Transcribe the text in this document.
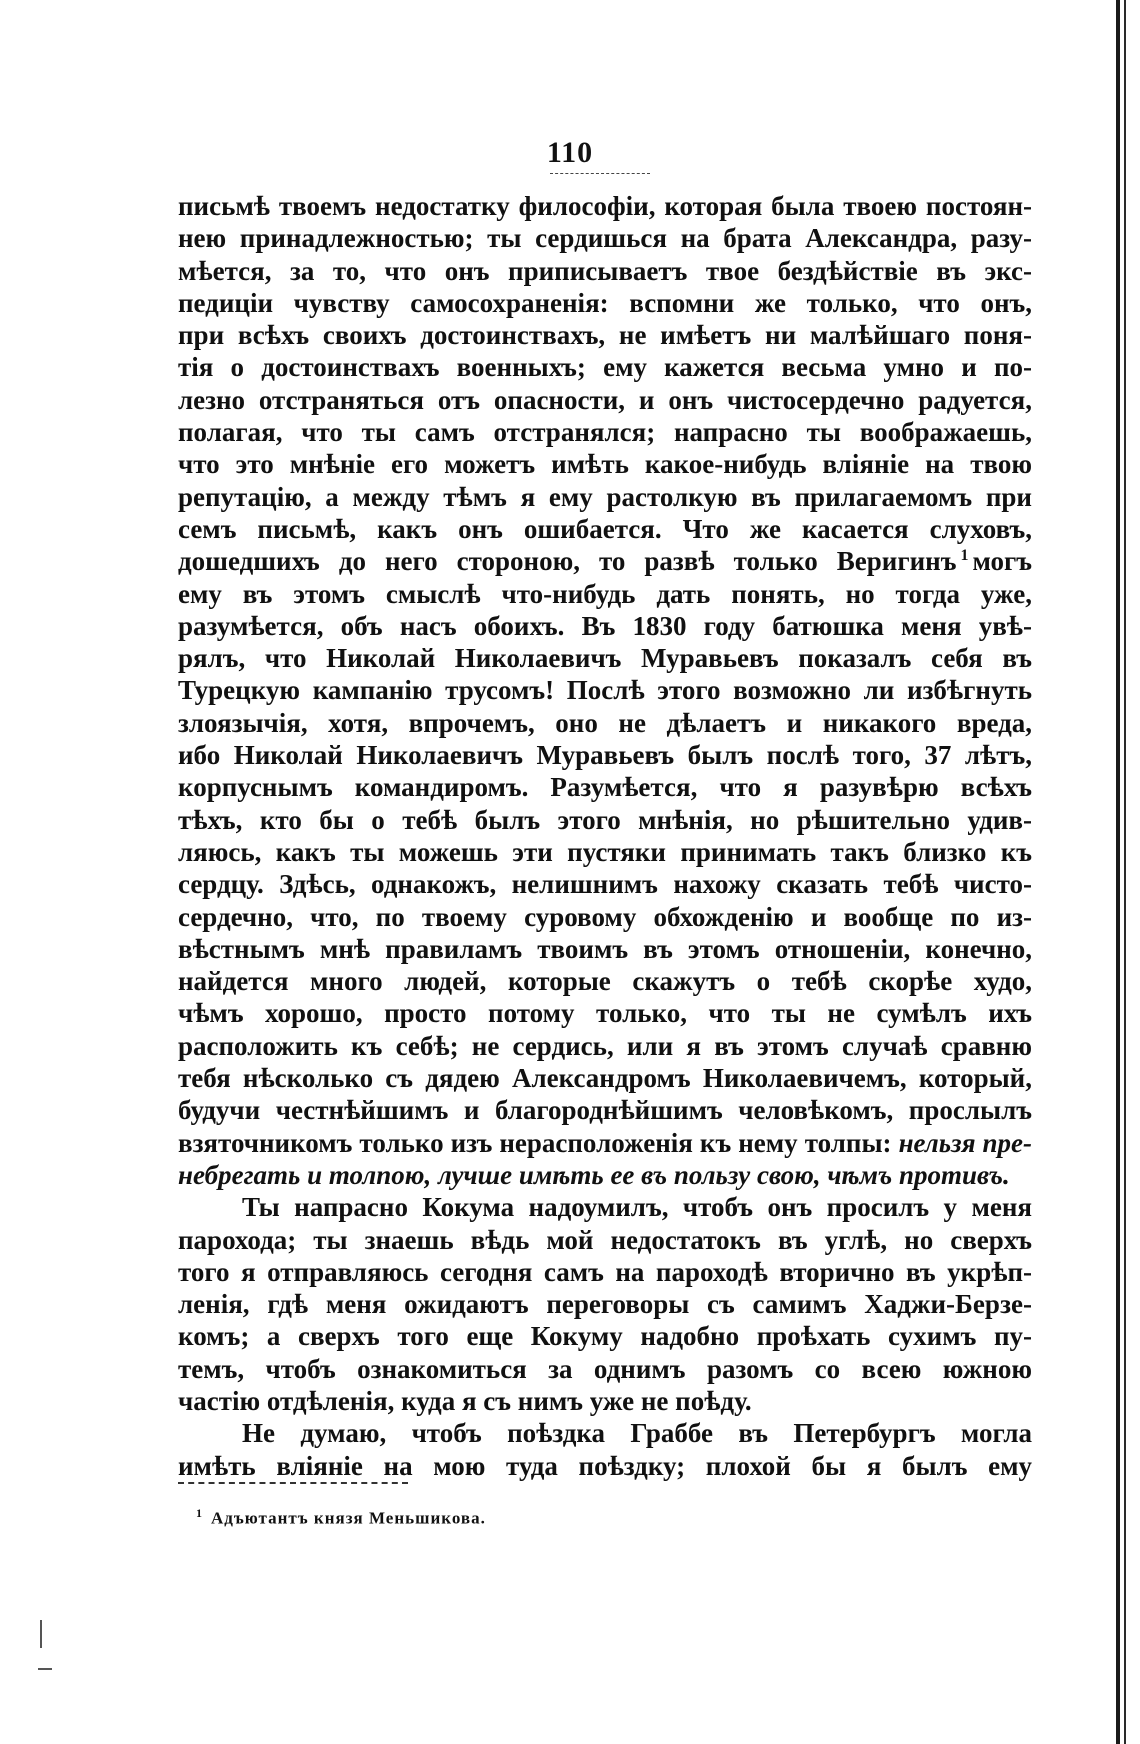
110
письмѣ твоемъ недостатку философіи, которая была твоею постоян-
нею принадлежностью; ты сердишься на брата Александра, разу-
мѣется, за то, что онъ приписываетъ твое бездѣйствіе въ экс-
педиціи чувству самосохраненія: вспомни же только, что онъ,
при всѣхъ своихъ достоинствахъ, не имѣетъ ни малѣйшаго поня-
тія о достоинствахъ военныхъ; ему кажется весьма умно и по-
лезно отстраняться отъ опасности, и онъ чистосердечно радуется,
полагая, что ты самъ отстранялся; напрасно ты воображаешь,
что это мнѣніе его можетъ имѣть какое-нибудь вліяніе на твою
репутацію, а между тѣмъ я ему растолкую въ прилагаемомъ при
семъ письмѣ, какъ онъ ошибается. Что же касается слуховъ,
дошедшихъ до него стороною, то развѣ только Веригинъ $^1$ могъ
ему въ этомъ смыслѣ что-нибудь дать понять, но тогда уже,
разумѣется, объ насъ обоихъ. Въ 1830 году батюшка меня увѣ-
рялъ, что Николай Николаевичъ Муравьевъ показалъ себя въ
Турецкую кампанію трусомъ! Послѣ этого возможно ли избѣгнуть
злоязычія, хотя, впрочемъ, оно не дѣлаетъ и никакого вреда,
ибо Николай Николаевичъ Муравьевъ былъ послѣ того, 37 лѣтъ,
корпуснымъ командиромъ. Разумѣется, что я разувѣрю всѣхъ
тѣхъ, кто бы о тебѣ былъ этого мнѣнія, но рѣшительно удив-
ляюсь, какъ ты можешь эти пустяки принимать такъ близко къ
сердцу. Здѣсь, однакожъ, нелишнимъ нахожу сказать тебѣ чисто-
сердечно, что, по твоему суровому обхожденію и вообще по из-
вѣстнымъ мнѣ правиламъ твоимъ въ этомъ отношеніи, конечно,
найдется много людей, которые скажутъ о тебѣ скорѣе худо,
чѣмъ хорошо, просто потому только, что ты не сумѣлъ ихъ
расположить къ себѣ; не сердись, или я въ этомъ случаѣ сравню
тебя нѣсколько съ дядею Александромъ Николаевичемъ, который,
будучи честнѣйшимъ и благороднѣйшимъ человѣкомъ, прослылъ
взяточникомъ только изъ нерасположенія къ нему толпы: нельзя пре-
небрегать и толпою, лучше имѣть ее въ пользу свою, чѣмъ противъ.
Ты напрасно Кокума надоумилъ, чтобъ онъ просилъ у меня
парохода; ты знаешь вѣдь мой недостатокъ въ углѣ, но сверхъ
того я отправляюсь сегодня самъ на пароходѣ вторично въ укрѣп-
ленія, гдѣ меня ожидаютъ переговоры съ самимъ Хаджи-Берзе-
комъ; а сверхъ того еще Кокуму надобно проѣхать сухимъ пу-
темъ, чтобъ ознакомиться за однимъ разомъ со всею южною
частію отдѣленія, куда я съ нимъ уже не поѣду.
Не думаю, чтобъ поѣздка Граббе въ Петербургъ могла
имѣть вліяніе на мою туда поѣздку; плохой бы я былъ ему
$^1$ Адъютантъ князя Меньшикова.
